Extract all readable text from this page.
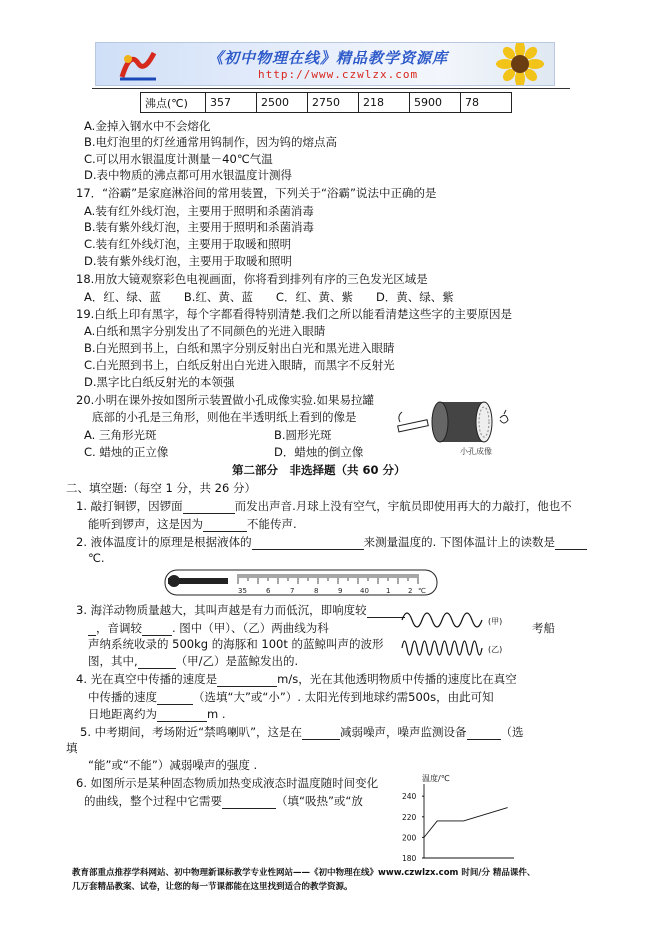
《初中物理在线》精品教学资源库
http://www.czwlzx.com
沸点(℃)	357	2500	2750	218	5900	78
A.金掉入钢水中不会熔化
B.电灯泡里的灯丝通常用钨制作，因为钨的熔点高
C.可以用水银温度计测量－40℃气温
D.表中物质的沸点都可用水银温度计测得
17．“浴霸”是家庭淋浴间的常用装置，下列关于“浴霸”说法中正确的是
A.装有红外线灯泡，主要用于照明和杀菌消毒
B.装有紫外线灯泡，主要用于照明和杀菌消毒
C.装有红外线灯泡，主要用于取暖和照明
D.装有紫外线灯泡，主要用于取暖和照明
18.用放大镜观察彩色电视画面，你将看到排列有序的三色发光区域是
A．红、绿、蓝　　B.红、黄、蓝　　C．红、黄、紫　　D．黄、绿、紫
19.白纸上印有黑字，每个字都看得特别清楚.我们之所以能看清楚这些字的主要原因是
A.白纸和黑字分别发出了不同颜色的光进入眼睛
B.白光照到书上，白纸和黑字分别反射出白光和黑光进入眼睛
C.白光照到书上，白纸反射出白光进入眼睛，而黑字不反射光
D.黑字比白纸反射光的本领强
20.小明在课外按如图所示装置做小孔成像实验.如果易拉罐
底部的小孔是三角形，则他在半透明纸上看到的像是
A. 三角形光斑	B.圆形光斑
C. 蜡烛的正立像	D．蜡烛的倒立像	小孔成像
第二部分　非选择题（共 60 分）
二、填空题:（每空 1 分，共 26 分）
1. 敲打铜锣，因锣面	而发出声音.月球上没有空气，宇航员即使用再大的力敲打，他也不
能听到锣声，这是因为	不能传声.
2. 液体温度计的原理是根据液体的	来测量温度的. 下图体温计上的读数是
℃.
35	6	7	8	9	40 1	2 ℃
3. 海洋动物质量越大，其叫声越是有力而低沉，即响度较
，音调较	. 图中（甲）、（乙）两曲线为科
声纳系统收录的 500kg 的海豚和 100t 的蓝鲸叫声的波形
图，其中,	（甲/乙）是蓝鲸发出的.
考船
(甲)
(乙)
4. 光在真空中传播的速度是	m/s，光在其他透明物质中传播的速度比在真空
中传播的速度	（选填“大”或“小”）. 太阳光传到地球约需500s，由此可知
日地距离约为	m .
5. 中考期间，考场附近“禁鸣喇叭”，这是在	减弱噪声，噪声监测设备	（选
填
“能”或“不能”）减弱噪声的强度 .
6. 如图所示是某种固态物质加热变成液态时温度随时间变化
的曲线，整个过程中它需要	（填“吸热”或“放
温度/℃
180
200
220
240
教育部重点推荐学科网站、初中物理新课标教学专业性网站——《初中物理在线》www.czwlzx.com 时间/分 精品课件、
几万套精品教案、试卷，让您的每一节课都能在这里找到适合的教学资源。
